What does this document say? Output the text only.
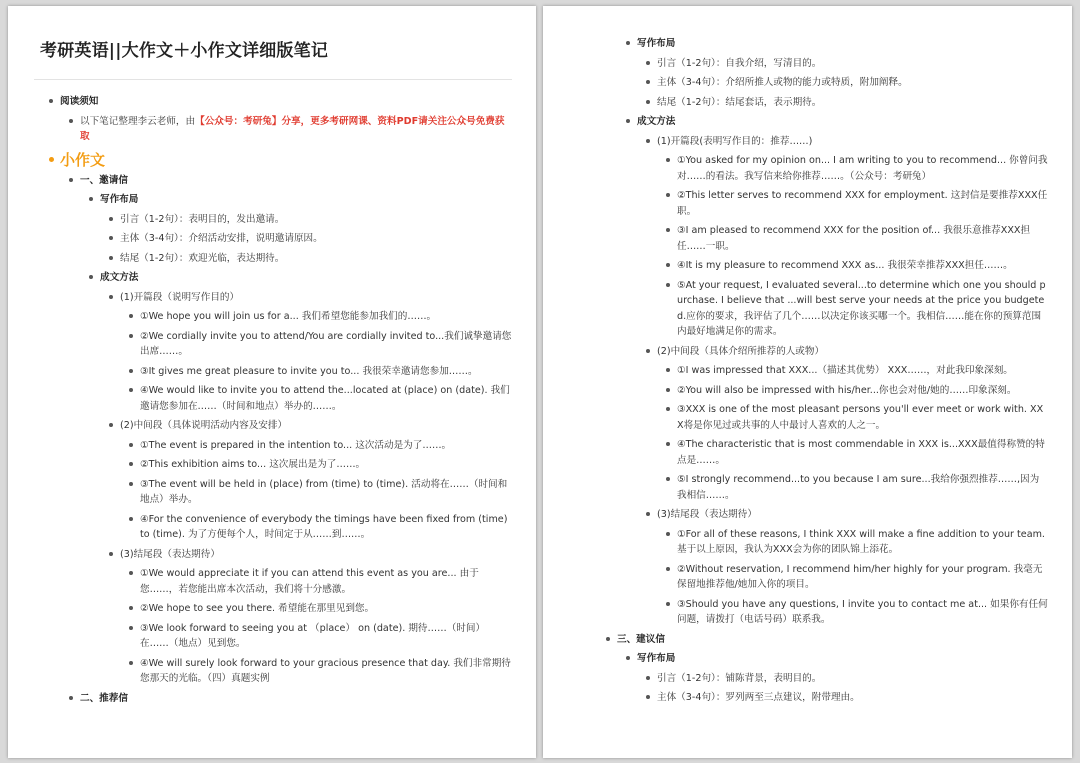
考研英语||大作文＋小作文详细版笔记
阅读须知
以下笔记整理李云老师，由【公众号：考研兔】分享，更多考研网课、资料PDF请关注公众号免费获取
小作文
一、邀请信
写作布局
引言（1-2句）：表明目的，发出邀请。
主体（3-4句）：介绍活动安排，说明邀请原因。
结尾（1-2句）：欢迎光临，表达期待。
成文方法
(1)开篇段（说明写作目的）
①We hope you will join us for a... 我们希望您能参加我们的……。
②We cordially invite you to attend/You are cordially invited to...我们诚挚邀请您出席……。
③It gives me great pleasure to invite you to... 我很荣幸邀请您参加……。
④We would like to invite you to attend the...located at (place) on (date). 我们邀请您参加在……（时间和地点）举办的……。
(2)中间段（具体说明活动内容及安排）
①The event is prepared in the intention to... 这次活动是为了……。
②This exhibition aims to... 这次展出是为了……。
③The event will be held in (place) from (time) to (time). 活动将在……（时间和地点）举办。
④For the convenience of everybody the timings have been fixed from (time) to (time). 为了方便每个人，时间定于从……到……。
(3)结尾段（表达期待）
①We would appreciate it if you can attend this event as you are... 由于您……，若您能出席本次活动，我们将十分感激。
②We hope to see you there. 希望能在那里见到您。
③We look forward to seeing you at （place） on (date). 期待……（时间）在……（地点）见到您。
④We will surely look forward to your gracious presence that day. 我们非常期待您那天的光临。（四）真题实例
二、推荐信
写作布局
引言（1-2句）：自我介绍，写清目的。
主体（3-4句）：介绍所推人或物的能力或特质，附加阐释。
结尾（1-2句）：结尾套话，表示期待。
成文方法
(1)开篇段(表明写作目的：推荐……)
①You asked for my opinion on... I am writing to you to recommend... 你曾问我对……的看法。我写信来给你推荐……。（公众号：考研兔）
②This letter serves to recommend XXX for employment. 这封信是要推荐XXX任职。
③I am pleased to recommend XXX for the position of... 我很乐意推荐XXX担任……一职。
④It is my pleasure to recommend XXX as... 我很荣幸推荐XXX担任……。
⑤At your request, I evaluated several...to determine which one you should purchase. I believe that ...will best serve your needs at the price you budgeted.应你的要求，我评估了几个……以决定你该买哪一个。我相信……能在你的预算范围内最好地满足你的需求。
(2)中间段（具体介绍所推荐的人或物）
①I was impressed that XXX...（描述其优势） XXX……，对此我印象深刻。
②You will also be impressed with his/her...你也会对他/她的……印象深刻。
③XXX is one of the most pleasant persons you'll ever meet or work with. XXX将是你见过或共事的人中最讨人喜欢的人之一。
④The characteristic that is most commendable in XXX is...XXX最值得称赞的特点是……。
⑤I strongly recommend...to you because I am sure...我给你强烈推荐……,因为我相信……。
(3)结尾段（表达期待）
①For all of these reasons, I think XXX will make a fine addition to your team. 基于以上原因，我认为XXX会为你的团队锦上添花。
②Without reservation, I recommend him/her highly for your program. 我毫无保留地推荐他/她加入你的项目。
③Should you have any questions, I invite you to contact me at... 如果你有任何问题，请拨打（电话号码）联系我。
三、建议信
写作布局
引言（1-2句）：铺陈背景，表明目的。
主体（3-4句）：罗列两至三点建议，附带理由。
